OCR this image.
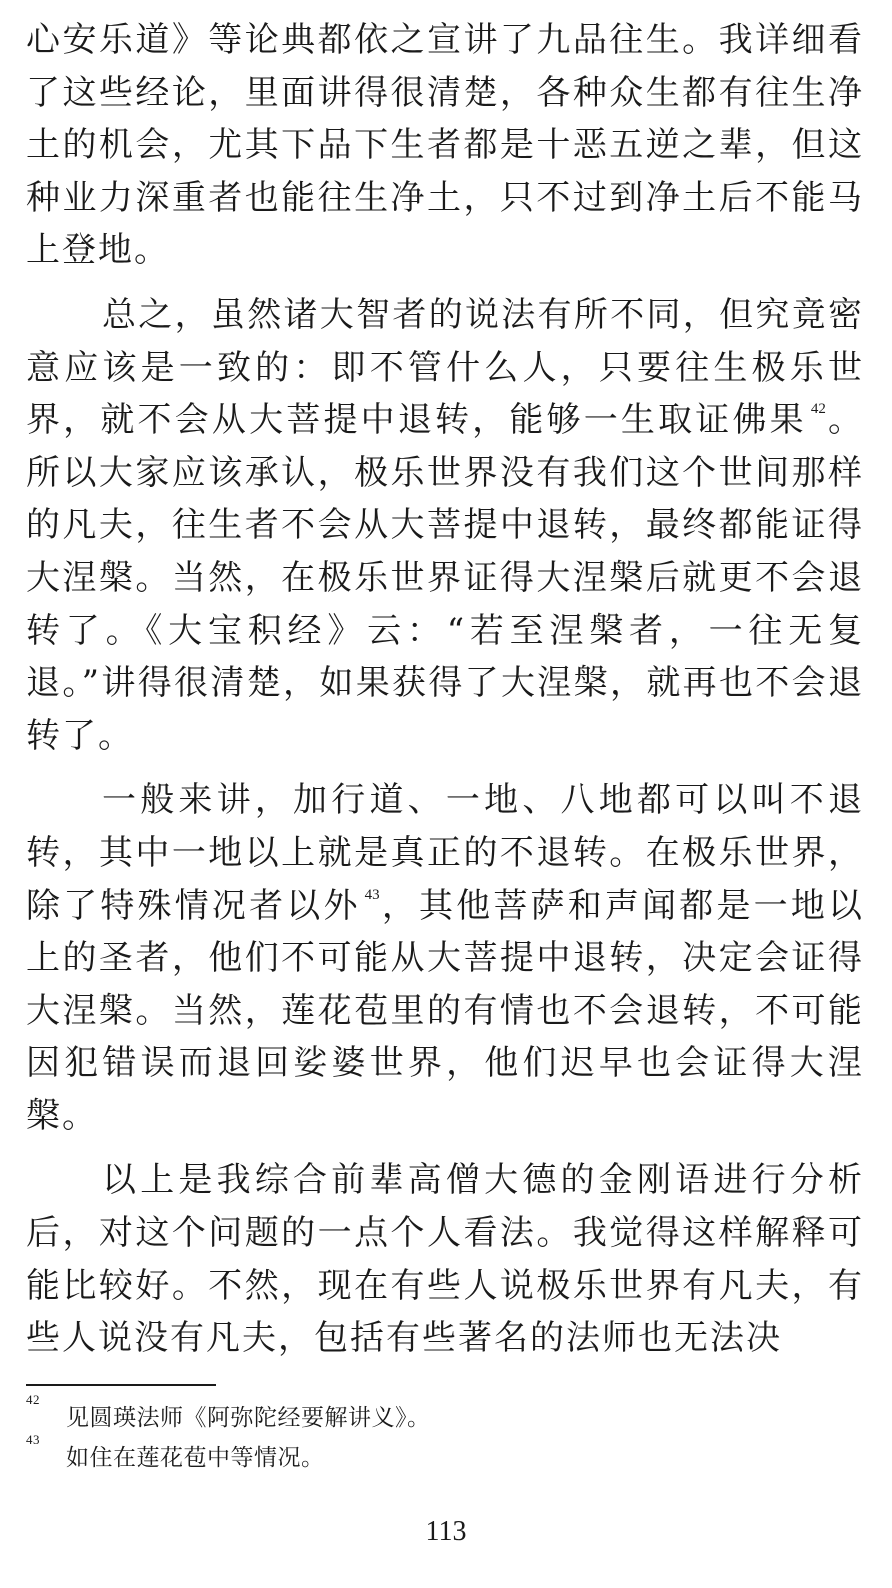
心安乐道》等论典都依之宣讲了九品往生。我详细看了这些经论，里面讲得很清楚，各种众生都有往生净土的机会，尤其下品下生者都是十恶五逆之辈，但这种业力深重者也能往生净土，只不过到净土后不能马上登地。

总之，虽然诸大智者的说法有所不同，但究竟密意应该是一致的：即不管什么人，只要往生极乐世界，就不会从大菩提中退转，能够一生取证佛果 $^{42}$。所以大家应该承认，极乐世界没有我们这个世间那样的凡夫，往生者不会从大菩提中退转，最终都能证得大涅槃。当然，在极乐世界证得大涅槃后就更不会退转了。《大宝积经》云：“若至涅槃者，一往无复退。”讲得很清楚，如果获得了大涅槃，就再也不会退转了。

一般来讲，加行道、一地、八地都可以叫不退转，其中一地以上就是真正的不退转。在极乐世界，除了特殊情况者以外 $^{43}$，其他菩萨和声闻都是一地以上的圣者，他们不可能从大菩提中退转，决定会证得大涅槃。当然，莲花苞里的有情也不会退转，不可能因犯错误而退回娑婆世界，他们迟早也会证得大涅槃。

以上是我综合前辈高僧大德的金刚语进行分析后，对这个问题的一点个人看法。我觉得这样解释可能比较好。不然，现在有些人说极乐世界有凡夫，有些人说没有凡夫，包括有些著名的法师也无法决

42
见圆瑛法师《阿弥陀经要解讲义》。
43
如住在莲花苞中等情况。
113
